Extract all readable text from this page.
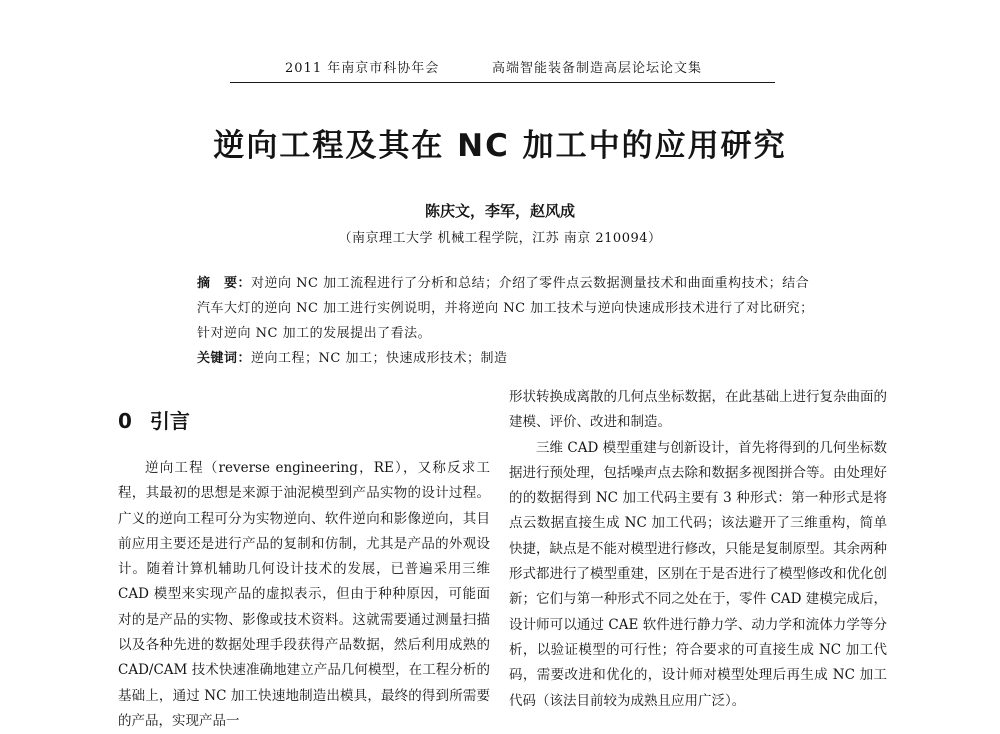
2011 年南京市科协年会	高端智能装备制造高层论坛论文集
逆向工程及其在 NC 加工中的应用研究
陈庆文，李军，赵风成
（南京理工大学 机械工程学院，江苏 南京 210094）
摘　要：对逆向 NC 加工流程进行了分析和总结；介绍了零件点云数据测量技术和曲面重构技术；结合汽车大灯的逆向 NC 加工进行实例说明，并将逆向 NC 加工技术与逆向快速成形技术进行了对比研究；针对逆向 NC 加工的发展提出了看法。
关键词：逆向工程；NC 加工；快速成形技术；制造
0 引言

逆向工程（reverse engineering，RE），又称反求工程，其最初的思想是来源于油泥模型到产品实物的设计过程。广义的逆向工程可分为实物逆向、软件逆向和影像逆向，其目前应用主要还是进行产品的复制和仿制，尤其是产品的外观设计。随着计算机辅助几何设计技术的发展，已普遍采用三维 CAD 模型来实现产品的虚拟表示，但由于种种原因，可能面对的是产品的实物、影像或技术资料。这就需要通过测量扫描以及各种先进的数据处理手段获得产品数据，然后利用成熟的 CAD/CAM 技术快速准确地建立产品几何模型，在工程分析的基础上，通过 NC 加工快速地制造出模具，最终的得到所需要的产品，实现产品一

形状转换成离散的几何点坐标数据，在此基础上进行复杂曲面的建模、评价、改进和制造。

三维 CAD 模型重建与创新设计，首先将得到的几何坐标数据进行预处理，包括噪声点去除和数据多视图拼合等。由处理好的的数据得到 NC 加工代码主要有 3 种形式：第一种形式是将点云数据直接生成 NC 加工代码；该法避开了三维重构，简单快捷，缺点是不能对模型进行修改，只能是复制原型。其余两种形式都进行了模型重建，区别在于是否进行了模型修改和优化创新；它们与第一种形式不同之处在于，零件 CAD 建模完成后，设计师可以通过 CAE 软件进行静力学、动力学和流体力学等分析，以验证模型的可行性；符合要求的可直接生成 NC 加工代码，需要改进和优化的，设计师对模型处理后再生成 NC 加工代码（该法目前较为成熟且应用广泛）。
